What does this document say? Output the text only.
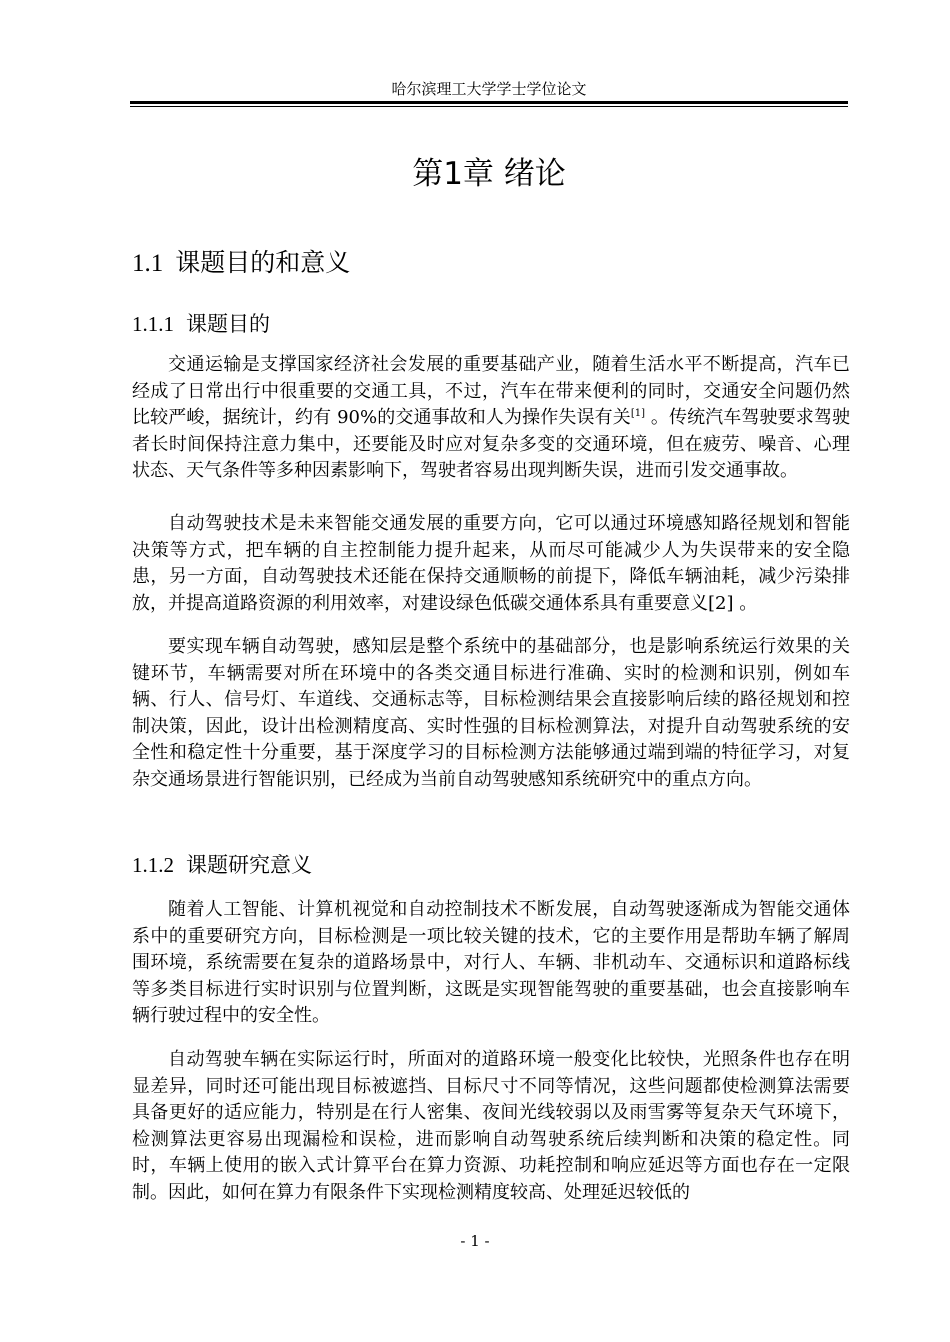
哈尔滨理工大学学士学位论文
第1章 绪论
1.1 课题目的和意义
1.1.1 课题目的

交通运输是支撑国家经济社会发展的重要基础产业，随着生活水平不断提高，汽车已经成了日常出行中很重要的交通工具，不过，汽车在带来便利的同时，交通安全问题仍然比较严峻，据统计，约有 90%的交通事故和人为操作失误有关[1] 。传统汽车驾驶要求驾驶者长时间保持注意力集中，还要能及时应对复杂多变的交通环境，但在疲劳、噪音、心理状态、天气条件等多种因素影响下，驾驶者容易出现判断失误，进而引发交通事故。

自动驾驶技术是未来智能交通发展的重要方向，它可以通过环境感知路径规划和智能决策等方式，把车辆的自主控制能力提升起来，从而尽可能减少人为失误带来的安全隐患，另一方面，自动驾驶技术还能在保持交通顺畅的前提下，降低车辆油耗，减少污染排放，并提高道路资源的利用效率，对建设绿色低碳交通体系具有重要意义[2] 。

要实现车辆自动驾驶，感知层是整个系统中的基础部分，也是影响系统运行效果的关键环节，车辆需要对所在环境中的各类交通目标进行准确、实时的检测和识别，例如车辆、行人、信号灯、车道线、交通标志等，目标检测结果会直接影响后续的路径规划和控制决策，因此，设计出检测精度高、实时性强的目标检测算法，对提升自动驾驶系统的安全性和稳定性十分重要，基于深度学习的目标检测方法能够通过端到端的特征学习，对复杂交通场景进行智能识别，已经成为当前自动驾驶感知系统研究中的重点方向。

1.1.2 课题研究意义

随着人工智能、计算机视觉和自动控制技术不断发展，自动驾驶逐渐成为智能交通体系中的重要研究方向，目标检测是一项比较关键的技术，它的主要作用是帮助车辆了解周围环境，系统需要在复杂的道路场景中，对行人、车辆、非机动车、交通标识和道路标线等多类目标进行实时识别与位置判断，这既是实现智能驾驶的重要基础，也会直接影响车辆行驶过程中的安全性。

自动驾驶车辆在实际运行时，所面对的道路环境一般变化比较快，光照条件也存在明显差异，同时还可能出现目标被遮挡、目标尺寸不同等情况，这些问题都使检测算法需要具备更好的适应能力，特别是在行人密集、夜间光线较弱以及雨雪雾等复杂天气环境下，检测算法更容易出现漏检和误检，进而影响自动驾驶系统后续判断和决策的稳定性。同时，车辆上使用的嵌入式计算平台在算力资源、功耗控制和响应延迟等方面也存在一定限制。因此，如何在算力有限条件下实现检测精度较高、处理延迟较低的

- 1 -
